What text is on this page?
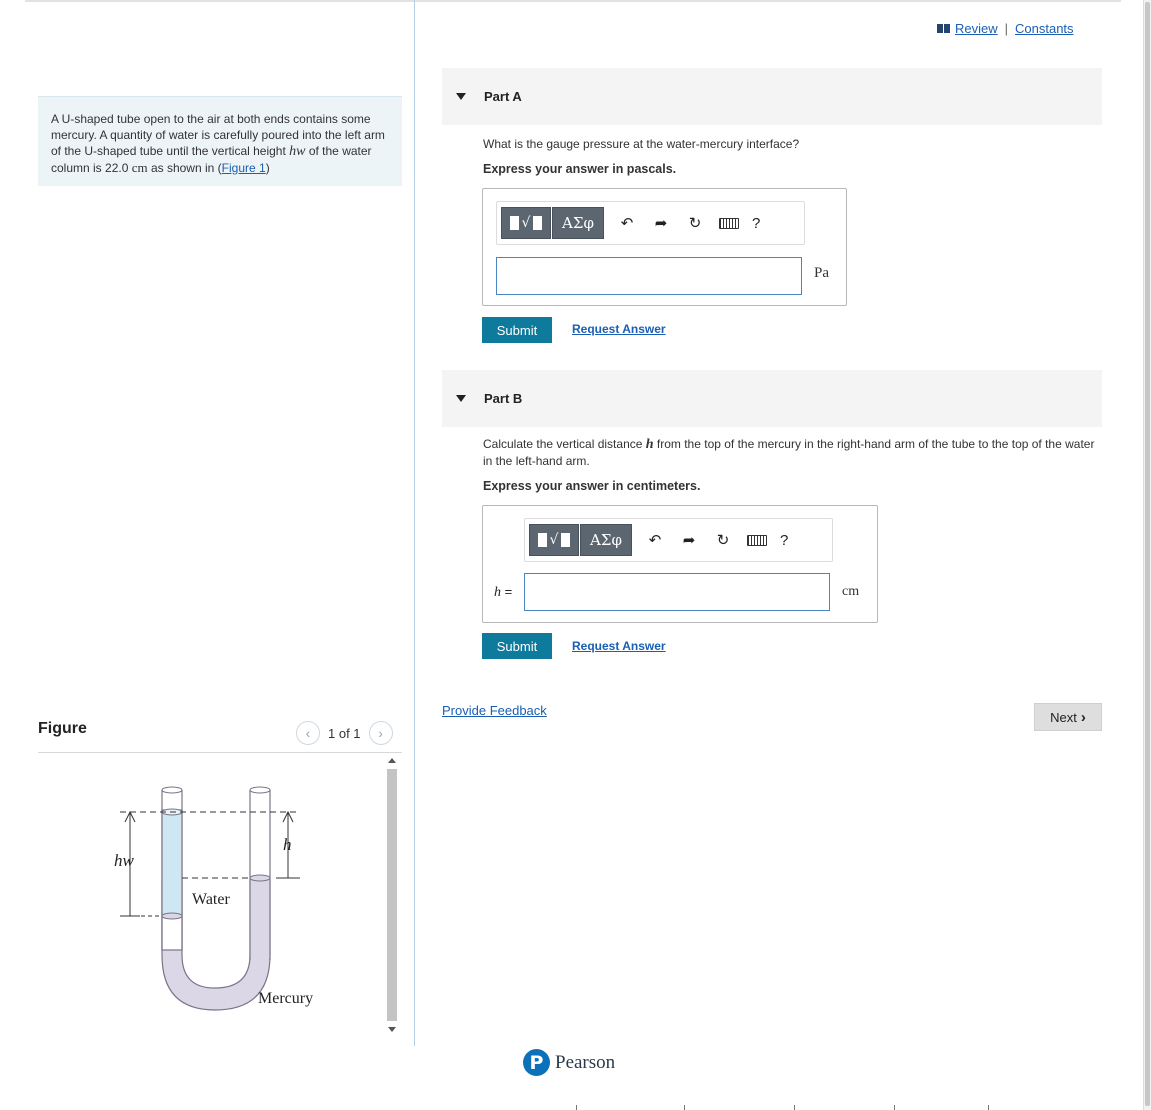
A U-shaped tube open to the air at both ends contains some mercury. A quantity of water is carefully poured into the left arm of the U-shaped tube until the vertical height hw of the water column is 22.0 cm as shown in (Figure 1)
Figure	‹ 1 of 1 ›
hw
h
Water
Mercury
Review | Constants
Part A
What is the gauge pressure at the water-mercury interface?
Express your answer in pascals.
√	ΑΣφ	↶	➦	↻	?
Pa
Submit	Request Answer
Part B
Calculate the vertical distance h from the top of the mercury in the right-hand arm of the tube to the top of the water in the left-hand arm.
Express your answer in centimeters.
√	ΑΣφ	↶	➦	↻	?
h =	cm
Submit	Request Answer
Provide Feedback	Next ›
P Pearson
